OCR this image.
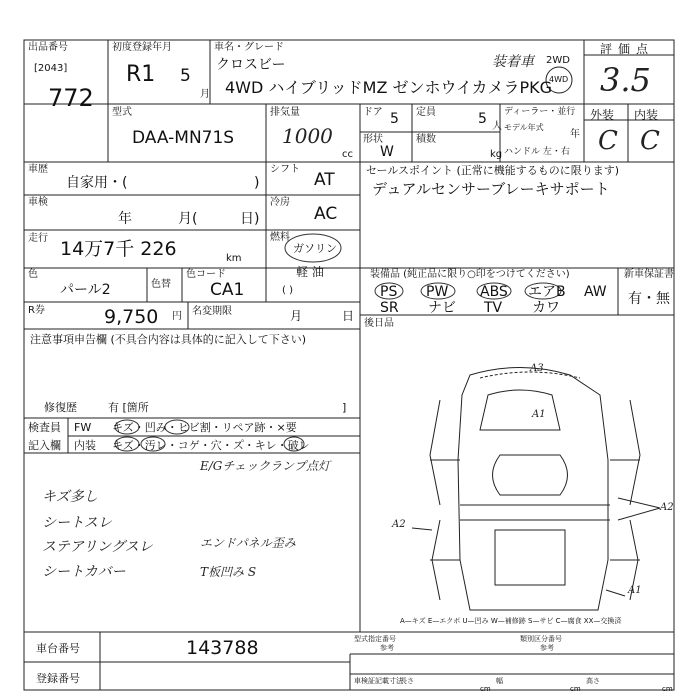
出品番号
[2043]
772
初度登録年月
R1 5
月
車名・グレード
クロスビー
4WD ハイブリッドMZ ゼンホウイカメラPKG
装着車 2WD
4WD
評価点
3.5
外装 内装
C C
型式
DAA-MN71S
排気量
1000
cc
ドア 5
形状
W
定員	5 人
積数
kg
ディーラー・並行
モデル年式
年
ハンドル 左・右
車歴
自家用・(	)
シフト
AT
車検
年	月(	日)
冷房
AC
走行 14万7千 226	km
燃料
ガソリン
軽 油
( )
色
パール2	色替
色コード
CA1
R券	9,750 円 名変期限	月	日
セールスポイント (正常に機能するものに限ります)
デュアルセンサーブレーキサポート
装備品 (純正品に限り○印をつけてください)
PS PW ABS エアB AW
SR ナビ TV カワ
新車保証書
有・無
後日品
注意事項申告欄 (不具合内容は具体的に記入して下さい)
修復歴	有 [箇所	]
検査員
記入欄
FW キズ・凹み・ヒビ割・リペア跡・×要
内装 キズ・汚レ・コゲ・穴・ス゚・キレ・破レ
キズ多し
シートスレ
ステアリングスレ
シートカバー
E/Gチェックランプ点灯
エンドパネル歪み
T板凹み S
A3
A1
A2
A2
A1
A—キズ E—エクボ U—凹み W—補修跡 S—サビ C—腐食 XX—交換済
車台番号	143788
登録番号
型式指定番号
参考
類別区分番号
参考
車検証記載寸法
長さ
cm
幅
cm
高さ
cm
